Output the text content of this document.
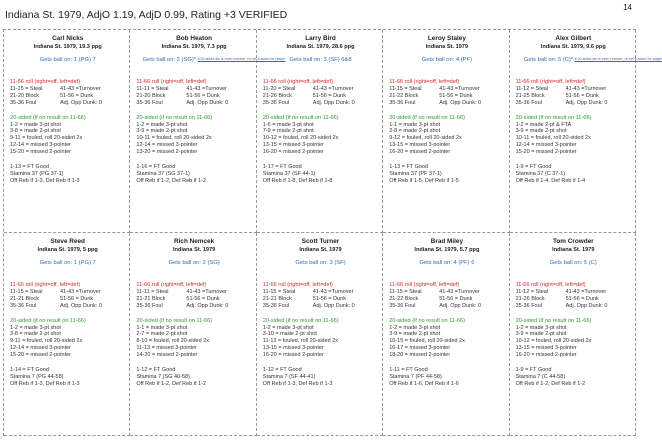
Indiana St. 1979, AdjO 1.19, AdjD 0.99, Rating +3 VERIFIED
14
Carl Nicks
Indiana St. 1979, 19.3 ppg
Gets ball on: 1 (PG) 7
11-66 roll (right=off, left=def)
11-15 = Steal	41-43 =Turnover
21-20 Block	51-56 = Dunk
35-36 Foul	Adj. Opp Dunk: 0
20-sided (if no result on 11-66)
1-2 = made 3-pt shot
3-8 = made 2-pt shot
9-11 = fouled, roll 20-sided 2x
12-14 = missed 3-pointer
15-20 = missed 2-pointer
1-13 = FT Good
Stamina 37 (PG 37-1)
Off Reb if 1-3, Def Reb if 1-3
Bob Heaton
Indiana St. 1979, 7.3 ppg
Gets ball on: 2 (SG)* if 20-sided die is even number, re-roll 8-sided for player
11-66 roll (right=off, left=def)
11-11 = Steal	41-43 =Turnover
21-20 Block	51-56 = Dunk
35-36 Foul	Adj. Opp Dunk: 0
20-sided (if no result on 11-66)
1-2 = made 3-pt shot
3-9 = made 2-pt shot
10-11 = fouled, roll 20-sided 2x
12-14 = missed 3-pointer
13-20 = missed 2-pointer
1-16 = FT Good
Stamina 37 (SG 37-1)
Off Reb if 1-2, Def Reb if 1-2
Larry Bird
Indiana St. 1979, 28.6 ppg
Gets ball on: 3 (SF) 6&8
11-66 roll (right=off, left=def)
11-20 = Steal	41-43 =Turnover
21-26 Block	51-56 = Dunk
35-36 Foul	Adj. Opp Dunk: 0
20-sided (if no result on 11-66)
1-6 = made 3-pt shot
7-9 = made 2-pt shot
10-12 = fouled, roll 20-sided 2x
13-15 = missed 3-pointer
16-20 = missed 2-pointer
1-17 = FT Good
Stamina 37 (SF 44-1)
Off Reb if 1-8, Def Reb if 1-8
Leroy Staley
Indiana St. 1979
Gets ball on: 4 (PF)
11-66 roll (right=off, left=def)
11-15 = Steal	41-43 =Turnover
21-22 Block	51-56 = Dunk
35-36 Foul	Adj. Opp Dunk: 0
20-sided (if no result on 11-66)
1-1 = made 3-pt shot
2-8 = made 2-pt shot
9-12 = fouled, roll 20-sided 2x
13-15 = missed 3-pointer
16-20 = missed 2-pointer
1-13 = FT Good
Stamina 37 (PF 37-1)
Off Reb if 1-5, Def Reb if 1-5
Alex Gilbert
Indiana St. 1979, 9.6 ppg
Gets ball on: 5 (C)* if 20-sided die is even number, re-roll 8-sided for player
11-66 roll (right=off, left=def)
11-12 = Steal	41-43 =Turnover
21-25 Block	51-56 = Dunk
35-36 Foul	Adj. Opp Dunk: 0
20-sided (if no result on 11-66)
1-2 = made 2-pt & FTA
3-9 = made 2-pt shot
10-11 = fouled, roll 20-sided 2x
12-14 = missed 3-pointer
15-20 = missed 2-pointer
1-9 = FT Good
Stamina 37 (C 37-1)
Off Reb if 1-4, Def Reb if 1-4
Steve Reed
Indiana St. 1979, 5 ppg
Gets ball on: 1 (PG) 7
11-66 roll (right=off, left=def)
11-15 = Steal	41-43 =Turnover
21-21 Block	51-56 = Dunk
35-36 Foul	Adj. Opp Dunk: 0
20-sided (if no result on 11-66)
1-2 = made 3-pt shot
3-8 = made 2-pt shot
9-11 = fouled, roll 20-sided 2x
12-14 = missed 3-pointer
15-20 = missed 2-pointer
1-14 = FT Good
Stamina 7 (PG 44-58)
Off Reb if 1-3, Def Reb if 1-3
Rich Nemcek
Indiana St. 1979
Gets ball on: 2 (SG)
11-66 roll (right=off, left=def)
11-11 = Steal	41-43 =Turnover
21-21 Block	51-56 = Dunk
35-36 Foul	Adj. Opp Dunk: 0
20-sided (if no result on 11-66)
1-1 = made 3-pt shot
2-7 = made 2-pt shot
8-10 = fouled, roll 20-sided 2x
11-13 = missed 3-pointer
14-20 = missed 2-pointer
1-12 = FT Good
Stamina 7 (SG 40-58)
Off Reb if 1-2, Def Reb if 1-2
Scott Turner
Indiana St. 1979
Gets ball on: 3 (SF)
11-66 roll (right=off, left=def)
11-15 = Steal	41-43 =Turnover
21-21 Block	51-56 = Dunk
35-36 Foul	Adj. Opp Dunk: 0
20-sided (if no result on 11-66)
1-2 = made 3-pt shot
3-10 = made 2-pt shot
11-13 = fouled, roll 20-sided 2x
13-15 = missed 3-pointer
16-20 = missed 2-pointer
1-12 = FT Good
Stamina 7 (SF 44-41)
Off Reb if 1-3, Def Reb if 1-3
Brad Miley
Indiana St. 1979, 5.7 ppg
Gets ball on: 4 (PF) 6
11-66 roll (right=off, left=def)
11-15 = Steal	41-43 =Turnover
21-22 Block	51-56 = Dunk
35-36 Foul	Adj. Opp Dunk: 0
20-sided (if no result on 11-66)
1-2 = made 3-pt shot
3-9 = made 2-pt shot
10-15 = fouled, roll 20-sided 2x
16-17 = missed 3-pointer
18-20 = missed 2-pointer
1-11 = FT Good
Stamina 7 (PF 44-58)
Off Reb if 1-6, Def Reb if 1-6
Tom Crowder
Indiana St. 1979
Gets ball on: 5 (C)
11-66 roll (right=off, left=def)
11-12 = Steal	41-43 =Turnover
21-26 Block	51-56 = Dunk
35-36 Foul	Adj. Opp Dunk: 0
20-sided (if no result on 11-66)
1-2 = made 3-pt shot
3-9 = made 2-pt shot
10-12 = fouled, roll 20-sided 2x
13-15 = missed 3-pointer
16-20 = missed 2-pointer
1-9 = FT Good
Stamina 7 (C 44-58)
Off Reb if 1-2, Def Reb if 1-2
